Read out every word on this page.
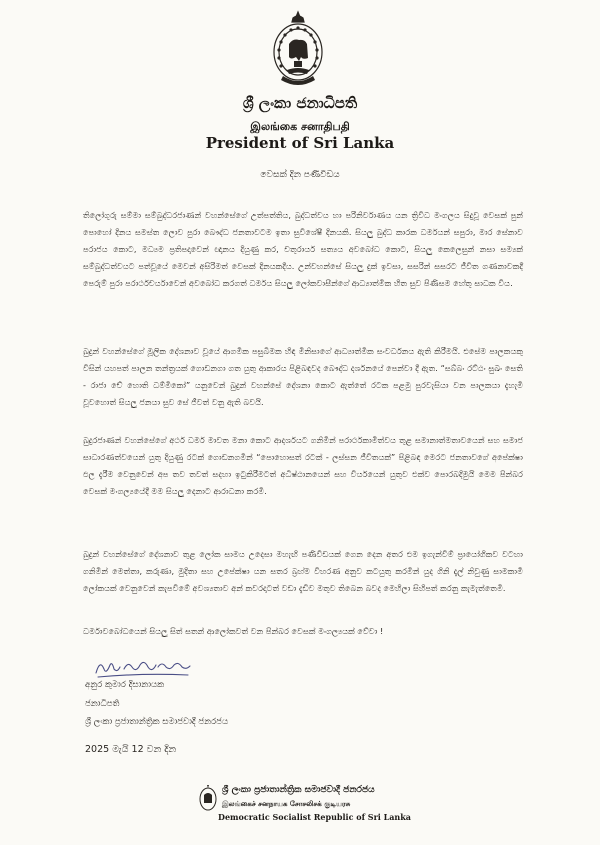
ශ්‍රී ලංකා ජනාධිපති
இலங்கை சனாதிபதி
President of Sri Lanka
වෙසක් දින පණිවිඩය

තිලෝගුරු සම්මා සම්බුද්ධරජාණන් වහන්සේගේ උත්පත්තිය, බුද්ධත්වය හා පරිනිර්වාණය යන ත්‍රිවිධ මංගලය සිදුවූ වෙසක් පුන් පොහෝ දිනය සමස්ත ලොව පුරා බෞද්ධ ජනතාවටම ඉතා සුවිශේෂී දිනයකි. සියලු බුද්ධ කාරක ධර්මයන් සපුරා, මාර සේනාව පරාජය කොට, මධ්‍යම ප්‍රතිපදාවෙන් ඥානය දියුණු කර, චතුරාර්ය සත්‍යය අවබෝධ කොට, සියලු කෙලෙසුන් නසා සම්‍යක් සම්බුද්ධත්වයට පත්වූයේ මෙවන් අසිරිමත් වෙසක් දිනයකදීය. උන්වහන්සේ සියලු දුක් ඉවසා, සසරින් සසරට ජීවිත ගණනාවකදී පෙරුම් පුරා පරාර්ථචර්යාවෙන් අවබෝධ කරගත් ධර්මය සියලු ලෝකවාසීන්ගේ ආධ්‍යාත්මික හිත සුව පිණිසම හේතු සාධක විය.

බුදුන් වහන්සේගේ මූලික දේශනාව වූයේ ආගමික පසුබිමක හිඳ මිනිසාගේ ආධ්‍යාත්මික සංවර්ධනය ඇති කිරීමයි. එසේම පාලකයකු විසින් යහපත් පාලන තන්ත්‍රයක් ගොඩනගා ගත යුතු ආකාරය පිළිබඳවද බෞද්ධ දර්ශනයේ පෙන්වා දී ඇත. “සබ්බං රට්ඨං සුඛං සෙති - රාජා චේ හොති ධම්මිකෝ” යනුවෙන් බුදුන් වහන්සේ දේශනා කොට ඇත්තේ රටක පළමු පුරවැසියා වන පාලකයා දැහැමි වූවහොත් සියලු ජනයා සුව සේ ජීවත් වනු ඇති බවයි.

බුදුරජාණන් වහන්සේගේ අර්ථ ධර්ම මාවත මනා කොට ආදර්ශයට ගනිමින් පරාර්ථකාමීත්වය තුළ සමානාත්මතාවයෙන් සහ සමාජ සාධාරණත්වයෙන් යුතු දියුණු රටක් ගොඩනගමින් “පොහොසත් රටක් - ලස්සන ජීවිතයක්” පිළිබඳ මෙරට ජනතාවගේ අපේක්ෂා ඵල දැරීම වෙනුවෙන් අප තව තවත් සදහා ඉටුකිරීමටත් අධිෂ්ඨානයෙන් සහ වීර්යයෙන් යුතුව එක්ව පොරබදිමුයි මෙම පින්බර වෙසක් මංගල්‍යයේදී මම සියලු දෙනාට ආරාධනා කරමි.

බුදුන් වහන්සේගේ දේශනාව තුළ ලෝක සාමය උදෙසා මහැඟි පණිවිඩයක් ගෙන දෙන අතර එම ඉගැන්වීම් ප්‍රායෝගිකව වටහා ගනිමින් මෙත්තා, කරුණා, මුදිතා සහ උපේක්ෂා යන සතර බ්‍රහ්ම විහරණ අනුව කටයුතු කරමින් යුද ගිනි දැල් නිවුණු සාමකාමී ලෝකයක් වෙනුවෙන් කැපවීමේ අවශ්‍යතාව අන් කවරදාටත් වඩා දැඩිව මතුව තිබෙන බවද මෙහිලා සිහිපත් කරනු කැමැත්තෙමි.

ධර්මාවබෝධයෙන් සියලු සිත් සතන් ආලෝකවත් වන පින්බර වෙසක් මංගල්‍යයක් වේවා !

අනුර කුමාර දිසානායක
ජනාධිපති
ශ්‍රී ලංකා ප්‍රජාතාන්ත්‍රික සමාජවාදී ජනරජය
2025 මැයි 12 වන දින
ශ්‍රී ලංකා ප්‍රජාතාන්ත්‍රික සමාජවාදී ජනරජය
இலங்கைச் சனநாயக சோசலிசக் குடியரசு
Democratic Socialist Republic of Sri Lanka
